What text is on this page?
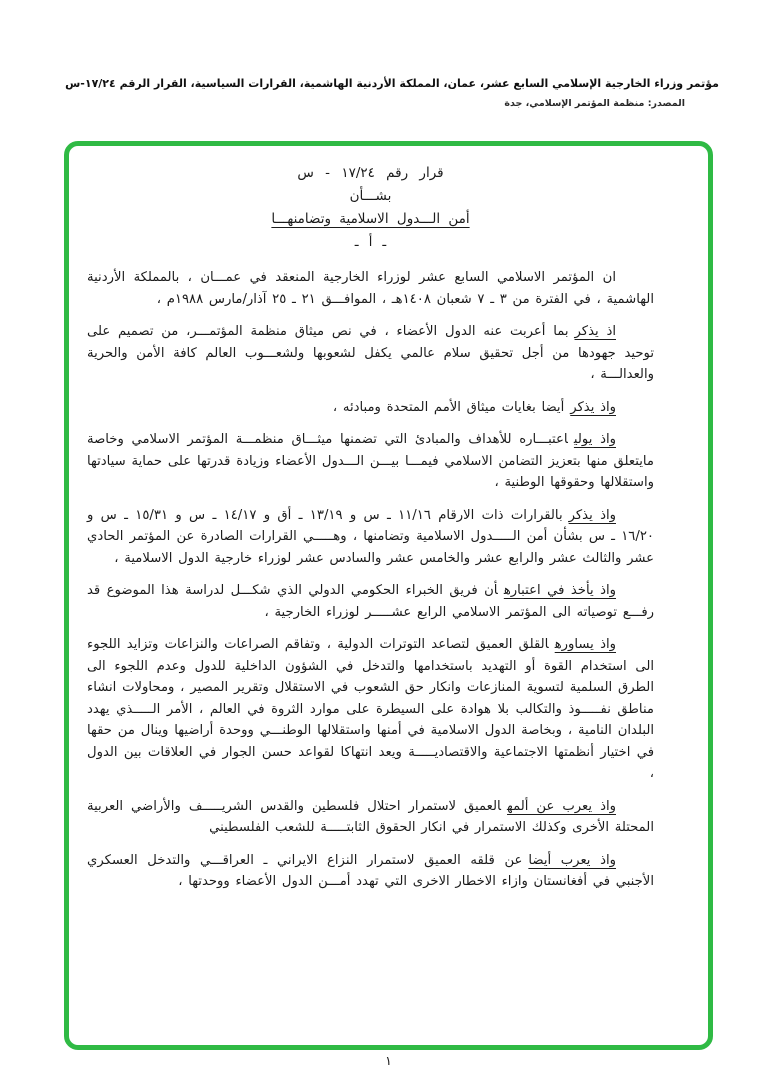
مؤتمر وزراء الخارجية الإسلامي السابع عشر، عمان، المملكة الأردنية الهاشمية، القرارات السياسية، القرار الرقم ١٧/٢٤-س
المصدر: منظمة المؤتمر الإسلامي، جدة
قرار رقم ١٧/٢٤ - س
بشـــأن
أمن الـــدول الاسلامية وتضامنهـــا
ـ أ ـ

ان المؤتمر الاسلامي السابع عشر لوزراء الخارجية المنعقد في عمـــان ، بالمملكة الأردنية الهاشمية ، في الفترة من ٣ ـ ٧ شعبان ١٤٠٨هـ ، الموافـــق ٢١ ـ ٢٥ آذار/مارس ١٩٨٨م ،

اذ يذكربما أعربت عنه الدول الأعضاء ، في نص ميثاق منظمة المؤتمـــر، من تصميم على توحيد جهودها من أجل تحقيق سلام عالمي يكفل لشعوبها ولشعـــوب العالم كافة الأمن والحرية والعدالـــة ،

واذ يذكرأيضا بغايات ميثاق الأمم المتحدة ومبادئه ،

واذ يولياعتبـــاره للأهداف والمبادئ التي تضمنها ميثـــاق منظمـــة المؤتمر الاسلامي وخاصة مايتعلق منها بتعزيز التضامن الاسلامي فيمـــا بيـــن الـــدول الأعضاء وزيادة قدرتها على حماية سيادتها واستقلالها وحقوقها الوطنية ،

واذ يذكربالقرارات ذات الارقام ١١/١٦ ـ س و ١٣/١٩ ـ أق و ١٤/١٧ ـ س و ١٥/٣١ ـ س و ١٦/٢٠ ـ س بشأن أمن الـــــدول الاسلامية وتضامنها ، وهـــــي القرارات الصادرة عن المؤتمر الحادي عشر والثالث عشر والرابع عشر والخامس عشر والسادس عشر لوزراء خارجية الدول الاسلامية ،

واذ يأخذ في اعتبارهأن فريق الخبراء الحكومي الدولي الذي شكـــل لدراسة هذا الموضوع قد رفـــع توصياته الى المؤتمر الاسلامي الرابع عشـــــر لوزراء الخارجية ،

واذ يساورهالقلق العميق لتصاعد التوترات الدولية ، وتفاقم الصراعات والنزاعات وتزايد اللجوء الى استخدام القوة أو التهديد باستخدامها والتدخل في الشؤون الداخلية للدول وعدم اللجوء الى الطرق السلمية لتسوية المنازعات وانكار حق الشعوب في الاستقلال وتقرير المصير ، ومحاولات انشاء مناطق نفـــــوذ والتكالب بلا هوادة على السيطرة على موارد الثروة في العالم ، الأمر الـــــذي يهدد البلدان النامية ، وبخاصة الدول الاسلامية في أمنها واستقلالها الوطنـــي ووحدة أراضيها وينال من حقها في اختيار أنظمتها الاجتماعية والاقتصاديـــــة ويعد انتهاكا لقواعد حسن الجوار في العلاقات بين الدول ،

واذ يعرب عن ألمهالعميق لاستمرار احتلال فلسطين والقدس الشريـــــف والأراضي العربية المحتلة الأخرى وكذلك الاستمرار في انكار الحقوق الثابتـــــة للشعب الفلسطيني

واذ يعرب أيضاعن قلقه العميق لاستمرار النزاع الايراني ـ العراقـــي والتدخل العسكري الأجنبي في أفغانستان وازاء الاخطار الاخرى التي تهدد أمـــن الدول الأعضاء ووحدتها ،

١
